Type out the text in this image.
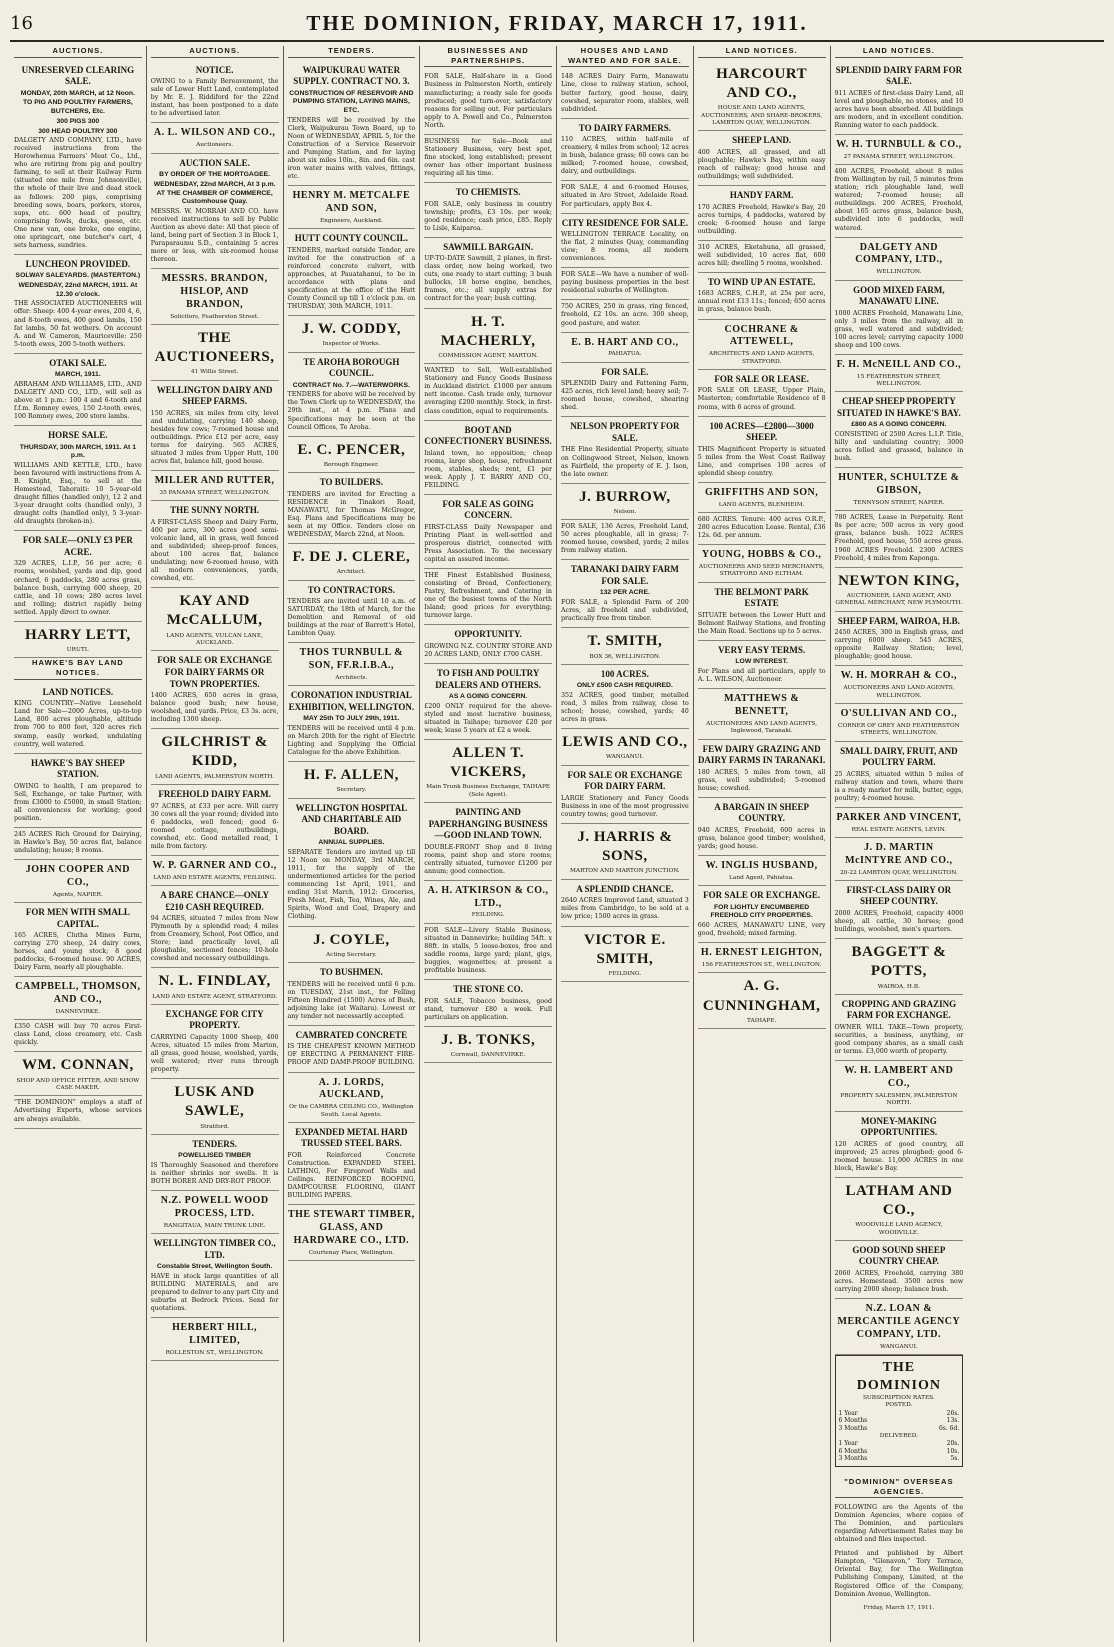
16	THE DOMINION, FRIDAY, MARCH 17, 1911.
AUCTIONS.
UNRESERVED CLEARING SALE.
MONDAY, 20th MARCH, at 12 Noon.
TO PIG AND POULTRY FARMERS, BUTCHERS, Etc.
300 PIGS 300
300 HEAD POULTRY 300

DALGETY AND COMPANY, LTD., have received instructions from the Horowhenua Farmers' Meat Co., Ltd., who are retiring from pig and poultry farming, to sell at their Railway Farm (situated one mile from Johnsonville), the whole of their live and dead stock as follows: 200 pigs, comprising breeding sows, boars, porkers, stores, sups, etc. 600 head of poultry, comprising fowls, ducks, geese, etc. One new van, one broke, one engine, one springcart, one butcher's cart, 4 sets harness, sundries.

LUNCHEON PROVIDED.
SOLWAY SALEYARDS. (MASTERTON.)
WEDNESDAY, 22nd MARCH, 1911. At 12.30 o'clock.

THE ASSOCIATED AUCTIONEERS will offer: Sheep: 400 4-year ewes, 200 4, 6, and 8-tooth ewes, 400 good lambs, 150 fat lambs, 50 fat wethers. On account A. and W. Cameron, Mauriceville: 250 5-tooth ewes, 200 5-tooth wethers.

OTAKI SALE.
MARCH, 1911.

ABRAHAM AND WILLIAMS, LTD., AND DALGETY AND CO., LTD., will sell as above at 1 p.m.: 100 4 and 6-tooth and f.f.m. Romney ewes, 150 2-tooth ewes, 100 Romney ewes, 200 store lambs.

HORSE SALE.
THURSDAY, 30th MARCH, 1911. At 1 p.m.

WILLIAMS AND KETTLE, LTD., have been favoured with instructions from A. B. Knight, Esq., to sell at the Homestead, Tahoraiti: 10 5-year-old draught fillies (handled only), 12 2 and 3-year draught colts (handled only), 3 draught colts (handled only), 5 3-year-old draughts (broken-in).

FOR SALE—ONLY £3 PER ACRE.

329 ACRES, L.I.P., 56 per acre; 6 rooms, woolshed, yards and dip, good orchard, 6 paddocks, 280 acres grass, balance bush, carrying 600 sheep, 20 cattle, and 10 cows; 280 acres level and rolling; district rapidly being settled. Apply direct to owner.

HARRY LETT,
URUTI.
HAWKE'S BAY LAND NOTICES.
LAND NOTICES.

KING COUNTRY—Native Leasehold Land for Sale—2000 Acres, up-to-top Land, 800 acres ploughable, altitude from 700 to 800 feet, 320 acres rich swamp, easily worked, undulating country, well watered.

HAWKE'S BAY SHEEP STATION.

OWING to health, I am prepared to Sell, Exchange, or take Partner, with from £3000 to £5000, in small Station; all conveniences for working; good position.

245 ACRES Rich Ground for Dairying, in Hawke's Bay, 50 acres flat, balance undulating; house; 8 rooms.

JOHN COOPER AND CO.,
Agents, NAPIER.
FOR MEN WITH SMALL CAPITAL.

165 ACRES, Clutha Mines Farm, carrying 270 sheep, 24 dairy cows, horses, and young stock; 8 good paddocks, 6-roomed house. 90 ACRES, Dairy Farm, nearly all ploughable.

CAMPBELL, THOMSON, AND CO.,
DANNEVIRKE.

£350 CASH will buy 70 acres First-class Land, close creamery, etc. Cash quickly.

WM. CONNAN,
SHOP AND OFFICE FITTER, AND SHOW CASE MAKER.

"THE DOMINION" employs a staff of Advertising Experts, whose services are always available.

AUCTIONS.
NOTICE.

OWING to a Family Bereavement, the sale of Lower Hutt Land, contemplated by Mr. E. J. Riddiford for the 22nd instant, has been postponed to a date to be advertised later.

A. L. WILSON AND CO.,
Auctioneers.
AUCTION SALE.
BY ORDER OF THE MORTGAGEE.
WEDNESDAY, 22nd MARCH, At 3 p.m. AT THE CHAMBER OF COMMERCE, Customhouse Quay.

MESSRS. W. MORRAH AND CO. have received instructions to sell by Public Auction as above date: All that piece of land, being part of Section 3 in Block 1, Paraparaumu S.D., containing 5 acres more or less, with six-roomed house thereon.

MESSRS. BRANDON, HISLOP, AND BRANDON,
Solicitors, Featherston Street.
THE AUCTIONEERS,
41 Willis Street.
WELLINGTON DAIRY AND SHEEP FARMS.

150 ACRES, six miles from city, level and undulating, carrying 140 sheep, besides few cows; 7-roomed house and outbuildings. Price £12 per acre, easy terms for dairying. 565 ACRES, situated 3 miles from Upper Hutt, 100 acres flat, balance hill, good house.

MILLER AND RUTTER,
35 PANAMA STREET, WELLINGTON.
THE SUNNY NORTH.

A FIRST-CLASS Sheep and Dairy Farm, 400 per acre, 300 acres good semi-volcanic land, all in grass, well fenced and subdivided; sheep-proof fences, about 100 acres flat, balance undulating; new 6-roomed house, with all modern conveniences, yards, cowshed, etc.

KAY AND McCALLUM,
LAND AGENTS, VULCAN LANE, AUCKLAND.
FOR SALE OR EXCHANGE FOR DAIRY FARMS OR TOWN PROPERTIES.

1400 ACRES, 650 acres in grass, balance good bush; new house, woolshed, and yards. Price, £3 3s. acre, including 1300 sheep.

GILCHRIST & KIDD,
LAND AGENTS, PALMERSTON NORTH.
FREEHOLD DAIRY FARM.

97 ACRES, at £33 per acre. Will carry 30 cows all the year round; divided into 6 paddocks, well fenced; good 6-roomed cottage, outbuildings, cowshed, etc. Good metalled road, 1 mile from factory.

W. P. GARNER AND CO.,
LAND AND ESTATE AGENTS, FEILDING.
A BARE CHANCE—ONLY £210 CASH REQUIRED.

94 ACRES, situated 7 miles from New Plymouth by a splendid road; 4 miles from Creamery, School, Post Office, and Store; land practically level, all ploughable, sectioned fences; 10-hole cowshed and necessary outbuildings.

N. L. FINDLAY,
LAND AND ESTATE AGENT, STRATFORD.
EXCHANGE FOR CITY PROPERTY.

CARRYING Capacity 1000 Sheep, 400 Acres, situated 15 miles from Marton, all grass, good house, woolshed, yards, well watered; river runs through property.

LUSK AND SAWLE,
Stratford.
TENDERS.
POWELLISED TIMBER

IS Thoroughly Seasoned and therefore is neither shrinks nor swells. It is BOTH BORER AND DRY-ROT PROOF.

N.Z. POWELL WOOD PROCESS, LTD.
RANGITAUA, MAIN TRUNK LINE.
WELLINGTON TIMBER CO., LTD.
Constable Street, Wellington South.

HAVE in stock large quantities of all BUILDING MATERIALS, and are prepared to deliver to any part City and suburbs at Bedrock Prices. Send for quotations.

HERBERT HILL, LIMITED,
ROLLESTON ST., WELLINGTON.
TENDERS.
WAIPUKURAU WATER SUPPLY. CONTRACT NO. 3.
CONSTRUCTION OF RESERVOIR AND PUMPING STATION, LAYING MAINS, ETC.

TENDERS will be received by the Clerk, Waipukurau Town Board, up to Noon of WEDNESDAY, APRIL 5, for the Construction of a Service Reservoir and Pumping Station, and for laying about six miles 10in., 8in. and 6in. cast iron water mains with valves, fittings, etc.

HENRY M. METCALFE AND SON,
Engineers, Auckland.
HUTT COUNTY COUNCIL.

TENDERS, marked outside Tender, are invited for the construction of a reinforced concrete culvert, with approaches, at Pauatahanui, to be in accordance with plans and specification at the office of the Hutt County Council up till 1 o'clock p.m. on THURSDAY, 30th MARCH, 1911.

J. W. CODDY,
Inspector of Works.
TE AROHA BOROUGH COUNCIL.
CONTRACT No. 7.—WATERWORKS.

TENDERS for above will be received by the Town Clerk up to WEDNESDAY, the 29th inst., at 4 p.m. Plans and Specifications may be seen at the Council Offices, Te Aroha.

E. C. PENCER,
Borough Engineer.
TO BUILDERS.

TENDERS are invited for Erecting a RESIDENCE in Tinakori Road, MANAWATU, for Thomas McGregor, Esq. Plans and Specifications may be seen at my Office. Tenders close on WEDNESDAY, March 22nd, at Noon.

F. DE J. CLERE,
Architect.
TO CONTRACTORS.

TENDERS are invited until 10 a.m. of SATURDAY, the 18th of March, for the Demolition and Removal of old buildings at the rear of Barrett's Hotel, Lambton Quay.

THOS TURNBULL & SON, FF.R.I.B.A.,
Architects.
CORONATION INDUSTRIAL EXHIBITION, WELLINGTON.
MAY 25th TO JULY 29th, 1911.

TENDERS will be received until 4 p.m. on March 20th for the right of Electric Lighting and Supplying the Official Catalogue for the above Exhibition.

H. F. ALLEN,
Secretary.
WELLINGTON HOSPITAL AND CHARITABLE AID BOARD.
ANNUAL SUPPLIES.

SEPARATE Tenders are invited up till 12 Noon on MONDAY, 3rd MARCH, 1911, for the supply of the undermentioned articles for the period commencing 1st April, 1911, and ending 31st March, 1912: Groceries, Fresh Meat, Fish, Tea, Wines, Ale, and Spirits, Wood and Coal, Drapery and Clothing.

J. COYLE,
Acting Secretary.
TO BUSHMEN.

TENDERS will be received until 6 p.m. on TUESDAY, 21st inst., for Felling Fifteen Hundred (1500) Acres of Bush, adjoining lake (at Waitara). Lowest or any tender not necessarily accepted.

CAMBRATED CONCRETE

IS THE CHEAPEST KNOWN METHOD OF ERECTING A PERMANENT FIRE-PROOF AND DAMP-PROOF BUILDING.

A. J. LORDS, AUCKLAND,
Or the CAMBRA CEILING CO., Wellington South. Local Agents.
EXPANDED METAL HARD TRUSSED STEEL BARS.

FOR Reinforced Concrete Construction. EXPANDED STEEL LATHING, For Fireproof Walls and Ceilings. REINFORCED ROOFING, DAMPCOURSE FLOORING, GIANT BUILDING PAPERS.

THE STEWART TIMBER, GLASS, AND HARDWARE CO., LTD.
Courtenay Place, Wellington.
BUSINESSES AND PARTNERSHIPS.

FOR SALE, Half-share in a Good Business in Palmerston North, entirely manufacturing; a ready sale for goods produced; good turn-over, satisfactory reasons for selling out. For particulars apply to A. Powell and Co., Palmerston North.

BUSINESS for Sale—Book and Stationery Business, very best spot, fine stocked, long established; present owner has other important business requiring all his time.

TO CHEMISTS.

FOR SALE, only business in country township; profits, £3 10s. per week; good residence; cash price, £85. Reply to Lisle, Kaiparoa.

SAWMILL BARGAIN.

UP-TO-DATE Sawmill, 2 planes, in first-class order, now being worked, two cuts, one ready to start cutting; 3 bush bullocks, 18 horse engine, benches, frames, etc.; all supply extras for contract for the year; bush cutting.

H. T. MACHERLY,
COMMISSION AGENT, MARTON.

WANTED to Sell, Well-established Stationery and Fancy Goods Business in Auckland district. £1000 per annum nett income. Cash trade only, turnover averaging £200 monthly. Stock, in first-class condition, equal to requirements.

BOOT AND CONFECTIONERY BUSINESS.

Inland town, no opposition; cheap rooms, large shop, house, refreshment room, stables, sheds; rent, £1 per week. Apply J. T. BARRY AND CO., FEILDING.

FOR SALE AS GOING CONCERN.

FIRST-CLASS Daily Newspaper and Printing Plant in well-settled and prosperous district, connected with Press Association. To the necessary capital an assured income.

THE Finest Established Business, consisting of Bread, Confectionery, Pastry, Refreshment, and Catering in one of the busiest towns of the North Island; good prices for everything; turnover large.

OPPORTUNITY.

GROWING N.Z. COUNTRY STORE AND 20 ACRES LAND, ONLY £700 CASH.

TO FISH AND POULTRY DEALERS AND OTHERS.
AS A GOING CONCERN.

£200 ONLY required for the above-styled and most lucrative business, situated in Taihape; turnover £20 per week; lease 5 years at £2 a week.

ALLEN T. VICKERS,
Main Trunk Business Exchange, TAIHAPE (Sole Agent).
PAINTING AND PAPERHANGING BUSINESS—GOOD INLAND TOWN.

DOUBLE-FRONT Shop and 8 living rooms, paint shop and store rooms; centrally situated, turnover £1200 per annum; good connection.

A. H. ATKIRSON & CO., LTD.,
FEILDING.

FOR SALE—Livery Stable Business, situated in Dannevirke; building 54ft. x 88ft. in stalls, 5 loose-boxes, free and saddle rooms, large yard; plant, gigs, buggies, wagonettes; at present a profitable business.

THE STONE CO.

FOR SALE, Tobacco business, good stand, turnover £80 a week. Full particulars on application.

J. B. TONKS,
Cornwall, DANNEVIRKE.
HOUSES AND LAND WANTED AND FOR SALE.

148 ACRES Dairy Farm, Manawatu Line, close to railway station, school, butter factory, good house, dairy, cowshed, separator room, stables, well subdivided.

TO DAIRY FARMERS.

110 ACRES, within half-mile of creamery, 4 miles from school; 12 acres in bush, balance grass; 60 cows can be milked; 7-roomed house, cowshed, dairy, and outbuildings.

FOR SALE, 4 and 6-roomed Houses, situated in Aro Street, Adelaide Road. For particulars, apply Box 4.

CITY RESIDENCE FOR SALE.

WELLINGTON TERRACE Locality, on the flat, 2 minutes Quay, commanding view; 8 rooms, all modern conveniences.

FOR SALE—We have a number of well-paying business properties in the best residential suburbs of Wellington.

750 ACRES, 250 in grass, ring fenced, freehold, £2 10s. an acre. 300 sheep, good pasture, and water.

E. B. HART AND CO.,
PAHIATUA.
FOR SALE.

SPLENDID Dairy and Fattening Farm, 425 acres, rich level land; heavy soil; 7-roomed house, cowshed, shearing shed.

NELSON PROPERTY FOR SALE.

THE Fine Residential Property, situate on Collingwood Street, Nelson, known as Fairfield, the property of E. J. Ison, the late owner.

J. BURROW,
Nelson.

FOR SALE, 136 Acres, Freehold Land, 50 acres ploughable, all in grass; 7-roomed house, cowshed, yards; 2 miles from railway station.

TARANAKI DAIRY FARM FOR SALE.
132 PER ACRE.

FOR SALE, a Splendid Farm of 200 Acres, all freehold and subdivided, practically free from timber.

T. SMITH,
BOX 36, WELLINGTON.
100 ACRES.
ONLY £500 CASH REQUIRED.

352 ACRES, good timber, metalled road, 3 miles from railway, close to school; house, cowshed, yards; 40 acres in grass.

LEWIS AND CO.,
WANGANUI.
FOR SALE OR EXCHANGE FOR DAIRY FARM.

LARGE Stationery and Fancy Goods Business in one of the most progressive country towns; good turnover.

J. HARRIS & SONS,
MARTON AND MARTON JUNCTION.
A SPLENDID CHANCE.

2640 ACRES Improved Land, situated 3 miles from Cambridge, to be sold at a low price; 1500 acres in grass.

VICTOR E. SMITH,
FEILDING.
LAND NOTICES.
HARCOURT AND CO.,
HOUSE AND LAND AGENTS, AUCTIONEERS, AND SHARE-BROKERS, LAMBTON QUAY, WELLINGTON.
SHEEP LAND.

400 ACRES, all grassed, and all ploughable; Hawke's Bay, within easy reach of railway; good house and outbuildings; well subdivided.

HANDY FARM.

170 ACRES Freehold, Hawke's Bay, 20 acres turnips, 4 paddocks, watered by creek; 6-roomed house and large outbuilding.

310 ACRES, Eketahuna, all grassed, well subdivided, 10 acres flat, 600 acres hill; dwelling 5 rooms, woolshed.

TO WIND UP AN ESTATE.

1683 ACRES, C.H.P., at 25s per acre, annual rent £13 11s.; fenced; 650 acres in grass, balance bush.

COCHRANE & ATTEWELL,
ARCHITECTS AND LAND AGENTS, STRATFORD.
FOR SALE OR LEASE.

FOR SALE OR LEASE, Upper Plain, Masterton; comfortable Residence of 8 rooms, with 6 acres of ground.

100 ACRES—£2800—3000 SHEEP.

THIS Magnificent Property is situated 5 miles from the West Coast Railway Line, and comprises 100 acres of splendid sheep country.

GRIFFITHS AND SON,
LAND AGENTS, BLENHEIM.

680 ACRES. Tenure: 400 acres O.R.P., 280 acres Education Lease. Rental, £36 12s. 6d. per annum.

YOUNG, HOBBS & CO.,
AUCTIONEERS AND SEED MERCHANTS, STRATFORD AND ELTHAM.
THE BELMONT PARK ESTATE

SITUATE between the Lower Hutt and Belmont Railway Stations, and fronting the Main Road. Sections up to 5 acres.

VERY EASY TERMS.
LOW INTEREST.

For Plans and all particulars, apply to A. L. WILSON, Auctioneer.

MATTHEWS & BENNETT,
AUCTIONEERS AND LAND AGENTS, Inglewood, Taranaki.
FEW DAIRY GRAZING AND DAIRY FARMS IN TARANAKI.

180 ACRES, 5 miles from town, all grass, well subdivided; 5-roomed house; cowshed.

A BARGAIN IN SHEEP COUNTRY.

940 ACRES, Freehold, 600 acres in grass, balance good timber; woolshed, yards; good house.

W. INGLIS HUSBAND,
Land Agent, Pahiatua.
FOR SALE OR EXCHANGE.
FOR LIGHTLY ENCUMBERED FREEHOLD CITY PROPERTIES.

660 ACRES, MANAWATU LINE, very good, freehold; mixed farming.

H. ERNEST LEIGHTON,
156 FEATHERSTON ST., WELLINGTON.
A. G. CUNNINGHAM,
TAIHAPE.
LAND NOTICES.
SPLENDID DAIRY FARM FOR SALE.

911 ACRES of first-class Dairy Land, all level and ploughable, no stones, and 10 acres have been absorbed. All buildings are modern, and in excellent condition. Running water to each paddock.

W. H. TURNBULL & CO.,
27 PANAMA STREET, WELLINGTON.

400 ACRES, Freehold, about 8 miles from Wellington by rail, 5 minutes from station; rich ploughable land, well watered; 7-roomed house; all outbuildings. 200 ACRES, Freehold, about 165 acres grass, balance bush, subdivided into 6 paddocks, well watered.

DALGETY AND COMPANY, LTD.,
WELLINGTON.
GOOD MIXED FARM, MANAWATU LINE.

1000 ACRES Freehold, Manawatu Line, only 3 miles from the railway, all in grass, well watered and subdivided; 100 acres level; carrying capacity 1000 sheep and 100 cows.

F. H. McNEILL AND CO.,
15 FEATHERSTON STREET, WELLINGTON.
CHEAP SHEEP PROPERTY SITUATED IN HAWKE'S BAY.
£800 AS A GOING CONCERN.

CONSISTING of 2500 Acres L.I.P. Title, hilly and undulating country; 3000 acres felled and grassed, balance in bush.

HUNTER, SCHULTZE & GIBSON,
TENNYSON STREET, NAPIER.

780 ACRES, Lease in Perpetuity. Rent 8s per acre; 500 acres in very good grass, balance bush. 1022 ACRES Freehold, good house, 550 acres grass. 1960 ACRES Freehold. 2300 ACRES Freehold, 4 miles from Kaponga.

NEWTON KING,
AUCTIONEER, LAND AGENT, AND GENERAL MERCHANT, NEW PLYMOUTH.
SHEEP FARM, WAIROA, H.B.

2450 ACRES, 300 in English grass, and carrying 6000 sheep. 545 ACRES, opposite Railway Station; level, ploughable; good house.

W. H. MORRAH & CO.,
AUCTIONEERS AND LAND AGENTS, WELLINGTON.
O'SULLIVAN AND CO.,
CORNER OF GREY AND FEATHERSTON STREETS, WELLINGTON.
SMALL DAIRY, FRUIT, AND POULTRY FARM.

25 ACRES, situated within 5 miles of railway station and town, where there is a ready market for milk, butter, eggs, poultry; 4-roomed house.

PARKER AND VINCENT,
REAL ESTATE AGENTS, LEVIN.
J. D. MARTIN McINTYRE AND CO.,
20-22 LAMBTON QUAY, WELLINGTON.
FIRST-CLASS DAIRY OR SHEEP COUNTRY.

2000 ACRES, Freehold, capacity 4000 sheep, all cattle, 30 horses; good buildings, woolshed, men's quarters.

BAGGETT & POTTS,
WAIROA, H.B.
CROPPING AND GRAZING FARM FOR EXCHANGE.

OWNER WILL TAKE—Town property, securities, a business, anything, or good company shares, as a small cash or terms. £3,000 worth of property.

W. H. LAMBERT AND CO.,
PROPERTY SALESMEN, PALMERSTON NORTH.
MONEY-MAKING OPPORTUNITIES.

120 ACRES of good country, all improved; 25 acres ploughed; good 6-roomed house. 11,000 ACRES in one block, Hawke's Bay.

LATHAM AND CO.,
WOODVILLE LAND AGENCY, WOODVILLE.
GOOD SOUND SHEEP COUNTRY CHEAP.

2060 ACRES, Freehold, carrying 380 acres. Homestead. 3500 acres now carrying 2000 sheep; balance bush.

N.Z. LOAN & MERCANTILE AGENCY COMPANY, LTD.
WANGANUI.
THE DOMINION
SUBSCRIPTION RATES.
POSTED.
1 Year	26s.
6 Months	13s.
3 Months	6s. 6d.
DELIVERED.
1 Year	20s.
6 Months	10s.
3 Months	5s.
"DOMINION" OVERSEAS AGENCIES.

FOLLOWING are the Agents of the Dominion Agencies, where copies of The Dominion, and particulars regarding Advertisement Rates may be obtained and files inspected.

Printed and published by Albert Hampton, "Glenavon," Tory Terrace, Oriental Bay, for The Wellington Publishing Company, Limited, at the Registered Office of the Company, Dominion Avenue, Wellington.

Friday, March 17, 1911.
